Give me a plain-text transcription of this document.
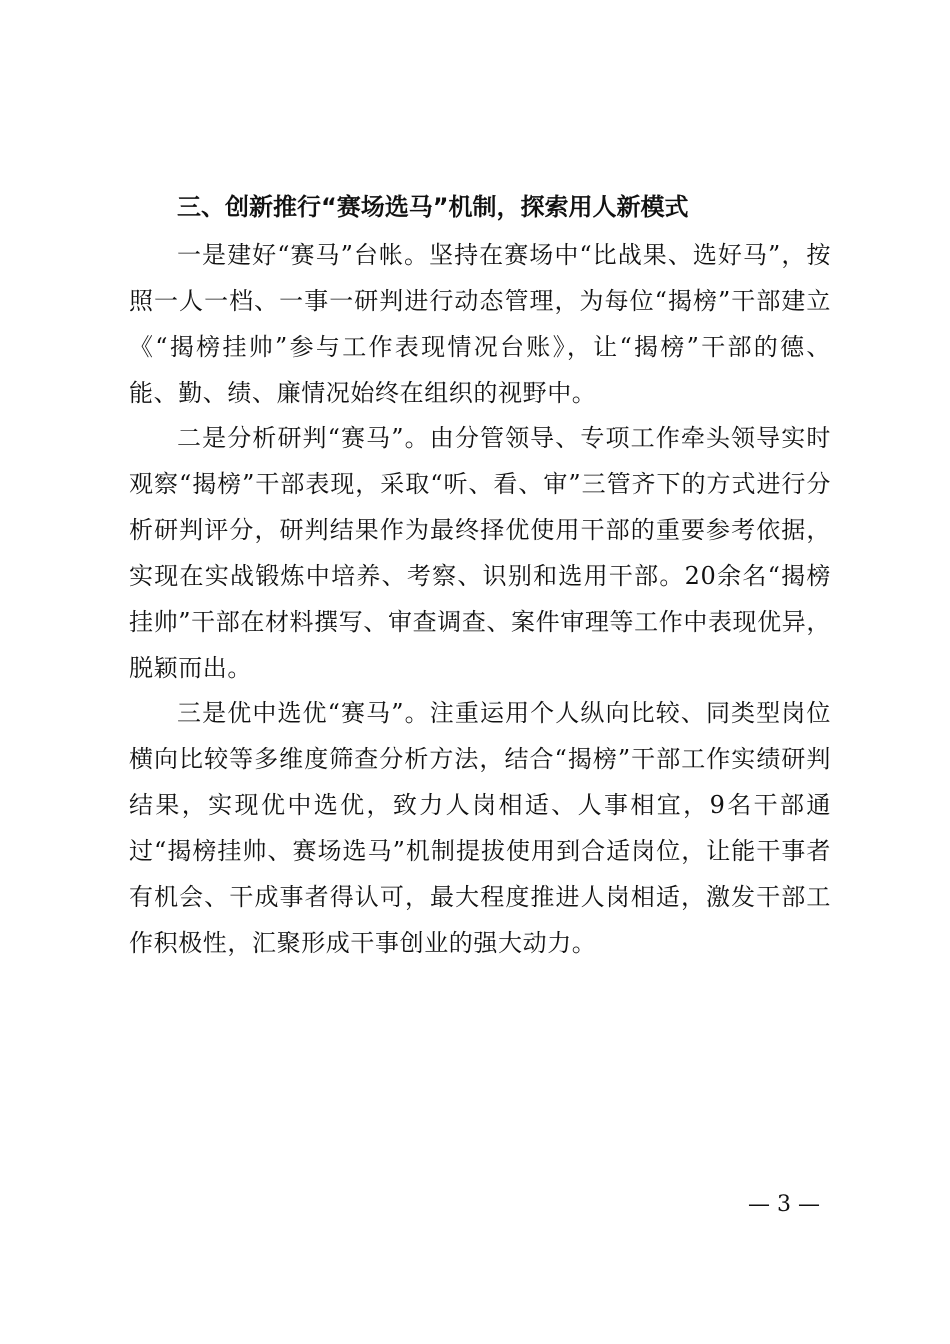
三、创新推行“赛场选马”机制，探索用人新模式
一是建好“赛马”台帐。坚持在赛场中“比战果、选好马”，按照一人一档、一事一研判进行动态管理，为每位“揭榜”干部建立《“揭榜挂帅”参与工作表现情况台账》，让“揭榜”干部的德、能、勤、绩、廉情况始终在组织的视野中。
二是分析研判“赛马”。由分管领导、专项工作牵头领导实时观察“揭榜”干部表现，采取“听、看、审”三管齐下的方式进行分析研判评分，研判结果作为最终择优使用干部的重要参考依据，实现在实战锻炼中培养、考察、识别和选用干部。20余名“揭榜挂帅”干部在材料撰写、审查调查、案件审理等工作中表现优异，脱颖而出。
三是优中选优“赛马”。注重运用个人纵向比较、同类型岗位横向比较等多维度筛查分析方法，结合“揭榜”干部工作实绩研判结果，实现优中选优，致力人岗相适、人事相宜，9名干部通过“揭榜挂帅、赛场选马”机制提拔使用到合适岗位，让能干事者有机会、干成事者得认可，最大程度推进人岗相适，激发干部工作积极性，汇聚形成干事创业的强大动力。
— 3 —
